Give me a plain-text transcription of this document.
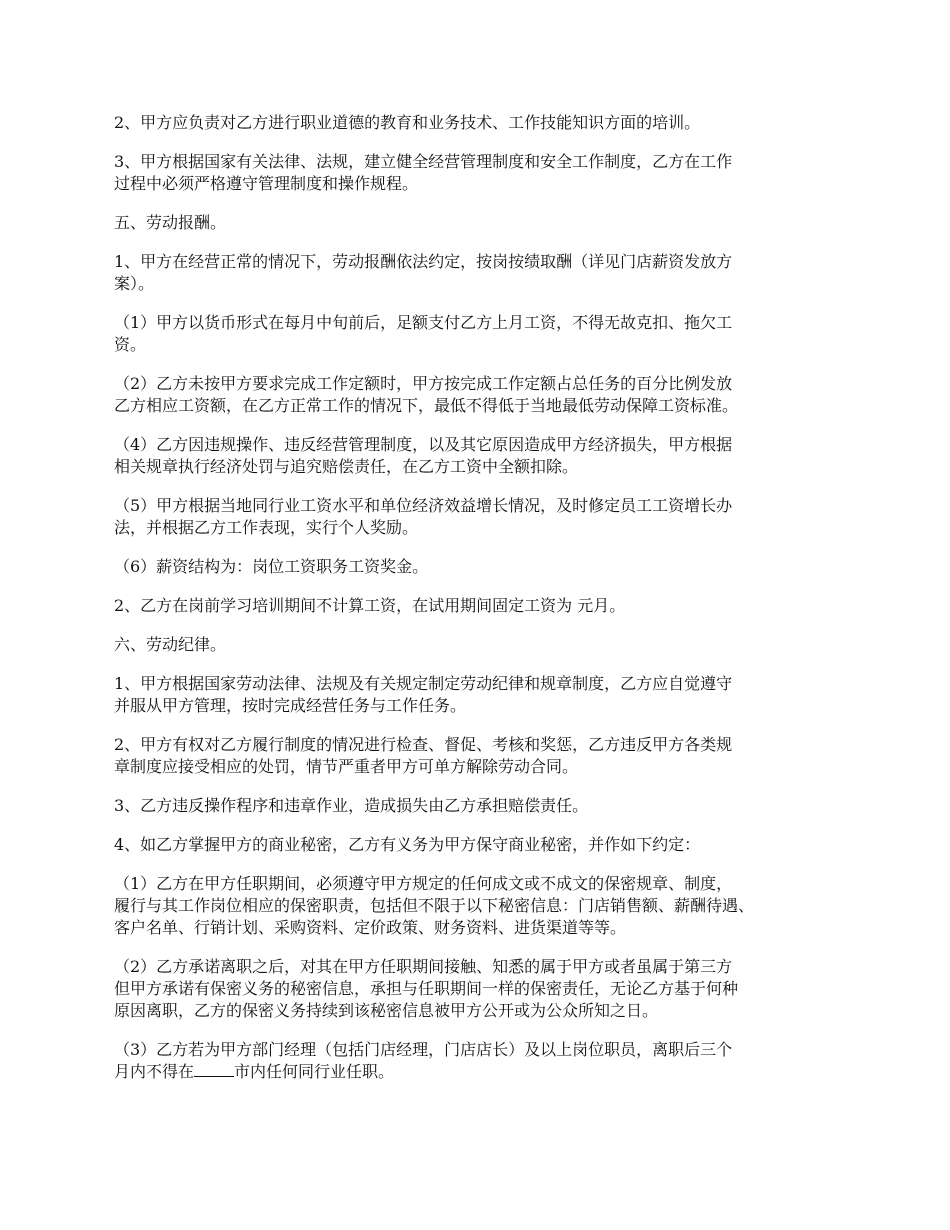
2、甲方应负责对乙方进行职业道德的教育和业务技术、工作技能知识方面的培训。

3、甲方根据国家有关法律、法规，建立健全经营管理制度和安全工作制度，乙方在工作
过程中必须严格遵守管理制度和操作规程。

五、劳动报酬。

1、甲方在经营正常的情况下，劳动报酬依法约定，按岗按绩取酬（详见门店薪资发放方
案）。

（1）甲方以货币形式在每月中旬前后，足额支付乙方上月工资，不得无故克扣、拖欠工
资。

（2）乙方未按甲方要求完成工作定额时，甲方按完成工作定额占总任务的百分比例发放
乙方相应工资额，在乙方正常工作的情况下，最低不得低于当地最低劳动保障工资标准。

（4）乙方因违规操作、违反经营管理制度，以及其它原因造成甲方经济损失，甲方根据
相关规章执行经济处罚与追究赔偿责任，在乙方工资中全额扣除。

（5）甲方根据当地同行业工资水平和单位经济效益增长情况，及时修定员工工资增长办
法，并根据乙方工作表现，实行个人奖励。

（6）薪资结构为：岗位工资职务工资奖金。

2、乙方在岗前学习培训期间不计算工资，在试用期间固定工资为 元月。

六、劳动纪律。

1、甲方根据国家劳动法律、法规及有关规定制定劳动纪律和规章制度，乙方应自觉遵守
并服从甲方管理，按时完成经营任务与工作任务。

2、甲方有权对乙方履行制度的情况进行检查、督促、考核和奖惩，乙方违反甲方各类规
章制度应接受相应的处罚，情节严重者甲方可单方解除劳动合同。

3、乙方违反操作程序和违章作业，造成损失由乙方承担赔偿责任。

4、如乙方掌握甲方的商业秘密，乙方有义务为甲方保守商业秘密，并作如下约定：

（1）乙方在甲方任职期间，必须遵守甲方规定的任何成文或不成文的保密规章、制度，
履行与其工作岗位相应的保密职责，包括但不限于以下秘密信息：门店销售额、薪酬待遇、
客户名单、行销计划、采购资料、定价政策、财务资料、进货渠道等等。

（2）乙方承诺离职之后，对其在甲方任职期间接触、知悉的属于甲方或者虽属于第三方
但甲方承诺有保密义务的秘密信息，承担与任职期间一样的保密责任，无论乙方基于何种
原因离职，乙方的保密义务持续到该秘密信息被甲方公开或为公众所知之日。

（3）乙方若为甲方部门经理（包括门店经理，门店店长）及以上岗位职员，离职后三个
月内不得在	市内任何同行业任职。
